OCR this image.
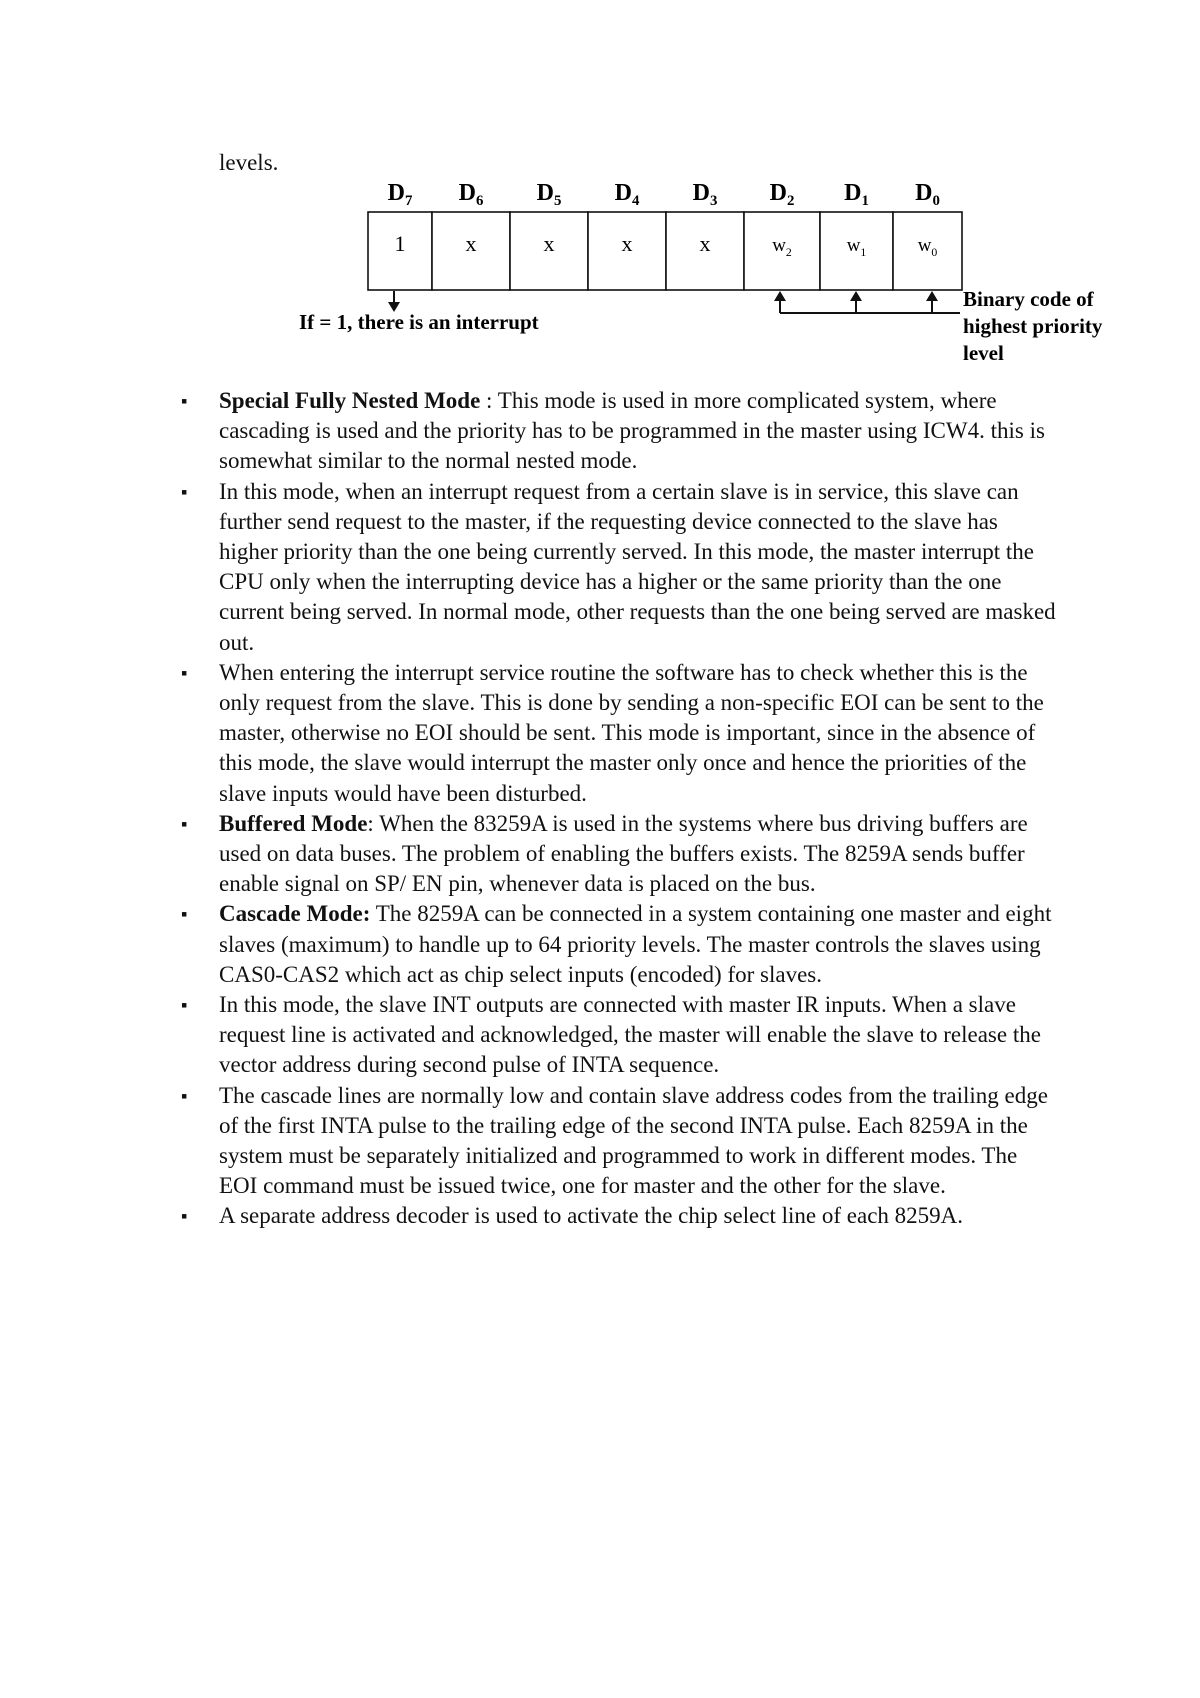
levels.

$D_7$ $D_6$ $D_5$ $D_4$ $D_3$ $D_2$ $D_1$ $D_0$
1	x	x	x	x	$w_2$	$w_1$	$w_0$
If = 1, there is an interrupt
Binary code of
highest priority
level
▪	Special Fully Nested Mode : This mode is used in more complicated system, where cascading is used and the priority has to be programmed in the master using ICW4. this is somewhat similar to the normal nested mode.
▪	In this mode, when an interrupt request from a certain slave is in service, this slave can further send request to the master, if the requesting device connected to the slave has higher priority than the one being currently served. In this mode, the master interrupt the CPU only when the interrupting device has a higher or the same priority than the one current being served. In normal mode, other requests than the one being served are masked out.
▪	When entering the interrupt service routine the software has to check whether this is the only request from the slave. This is done by sending a non-specific EOI can be sent to the master, otherwise no EOI should be sent. This mode is important, since in the absence of this mode, the slave would interrupt the master only once and hence the priorities of the slave inputs would have been disturbed.
▪	Buffered Mode: When the 83259A is used in the systems where bus driving buffers are used on data buses. The problem of enabling the buffers exists. The 8259A sends buffer enable signal on SP/ EN pin, whenever data is placed on the bus.
▪	Cascade Mode: The 8259A can be connected in a system containing one master and eight slaves (maximum) to handle up to 64 priority levels. The master controls the slaves using CAS0-CAS2 which act as chip select inputs (encoded) for slaves.
▪	In this mode, the slave INT outputs are connected with master IR inputs. When a slave request line is activated and acknowledged, the master will enable the slave to release the vector address during second pulse of INTA sequence.
▪	The cascade lines are normally low and contain slave address codes from the trailing edge of the first INTA pulse to the trailing edge of the second INTA pulse. Each 8259A in the system must be separately initialized and programmed to work in different modes. The EOI command must be issued twice, one for master and the other for the slave.
▪	A separate address decoder is used to activate the chip select line of each 8259A.
